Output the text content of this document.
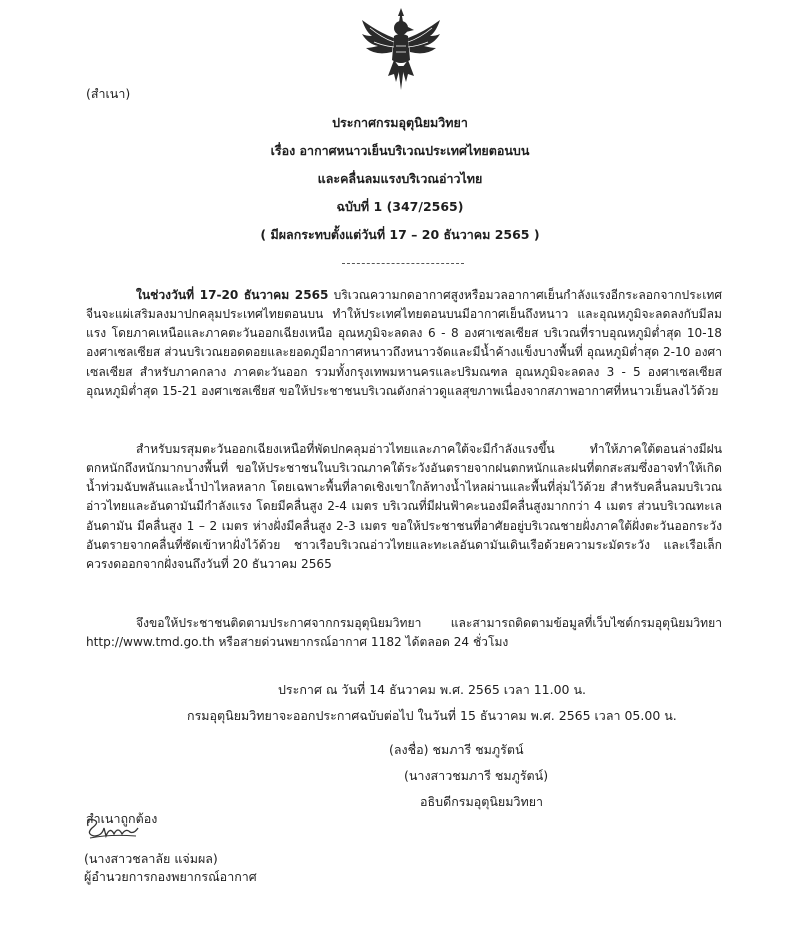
(สำเนา)
ประกาศกรมอุตุนิยมวิทยา
เรื่อง อากาศหนาวเย็นบริเวณประเทศไทยตอนบน
และคลื่นลมแรงบริเวณอ่าวไทย
ฉบับที่ 1 (347/2565)
( มีผลกระทบตั้งแต่วันที่ 17 – 20 ธันวาคม 2565 )
ในช่วงวันที่ 17-20 ธันวาคม 2565 บริเวณความกดอากาศสูงหรือมวลอากาศเย็นกำลังแรงอีกระลอกจากประเทศจีนจะแผ่เสริมลงมาปกคลุมประเทศไทยตอนบน ทำให้ประเทศไทยตอนบนมีอากาศเย็นถึงหนาว และอุณหภูมิจะลดลงกับมีลมแรง โดยภาคเหนือและภาคตะวันออกเฉียงเหนือ อุณหภูมิจะลดลง 6 - 8 องศาเซลเซียส บริเวณที่ราบอุณหภูมิต่ำสุด 10-18 องศาเซลเซียส ส่วนบริเวณยอดดอยและยอดภูมีอากาศหนาวถึงหนาวจัดและมีน้ำค้างแข็งบางพื้นที่ อุณหภูมิต่ำสุด 2-10 องศาเซลเซียส สำหรับภาคกลาง ภาคตะวันออก รวมทั้งกรุงเทพมหานครและปริมณฑล อุณหภูมิจะลดลง 3 - 5 องศาเซลเซียส อุณหภูมิต่ำสุด 15-21 องศาเซลเซียส ขอให้ประชาชนบริเวณดังกล่าวดูแลสุขภาพเนื่องจากสภาพอากาศที่หนาวเย็นลงไว้ด้วย
สำหรับมรสุมตะวันออกเฉียงเหนือที่พัดปกคลุมอ่าวไทยและภาคใต้จะมีกำลังแรงขึ้น ทำให้ภาคใต้ตอนล่างมีฝนตกหนักถึงหนักมากบางพื้นที่ ขอให้ประชาชนในบริเวณภาคใต้ระวังอันตรายจากฝนตกหนักและฝนที่ตกสะสมซึ่งอาจทำให้เกิดน้ำท่วมฉับพลันและน้ำป่าไหลหลาก โดยเฉพาะพื้นที่ลาดเชิงเขาใกล้ทางน้ำไหลผ่านและพื้นที่ลุ่มไว้ด้วย สำหรับคลื่นลมบริเวณอ่าวไทยและอันดามันมีกำลังแรง โดยมีคลื่นสูง 2-4 เมตร บริเวณที่มีฝนฟ้าคะนองมีคลื่นสูงมากกว่า 4 เมตร ส่วนบริเวณทะเลอันดามัน มีคลื่นสูง 1 – 2 เมตร ห่างฝั่งมีคลื่นสูง 2-3 เมตร ขอให้ประชาชนที่อาศัยอยู่บริเวณชายฝั่งภาคใต้ฝั่งตะวันออกระวังอันตรายจากคลื่นที่ซัดเข้าหาฝั่งไว้ด้วย ชาวเรือบริเวณอ่าวไทยและทะเลอันดามันเดินเรือด้วยความระมัดระวัง และเรือเล็กควรงดออกจากฝั่งจนถึงวันที่ 20 ธันวาคม 2565
จึงขอให้ประชาชนติดตามประกาศจากกรมอุตุนิยมวิทยา และสามารถติดตามข้อมูลที่เว็บไซต์กรมอุตุนิยมวิทยา http://www.tmd.go.th หรือสายด่วนพยากรณ์อากาศ 1182 ได้ตลอด 24 ชั่วโมง
ประกาศ ณ วันที่ 14 ธันวาคม พ.ศ. 2565 เวลา 11.00 น.
กรมอุตุนิยมวิทยาจะออกประกาศฉบับต่อไป ในวันที่ 15 ธันวาคม พ.ศ. 2565 เวลา 05.00 น.
(ลงชื่อ) ชมภารี ชมภูรัตน์
(นางสาวชมภารี ชมภูรัตน์)
อธิบดีกรมอุตุนิยมวิทยา
สำเนาถูกต้อง
(นางสาวชลาลัย แจ่มผล)
ผู้อำนวยการกองพยากรณ์อากาศ
